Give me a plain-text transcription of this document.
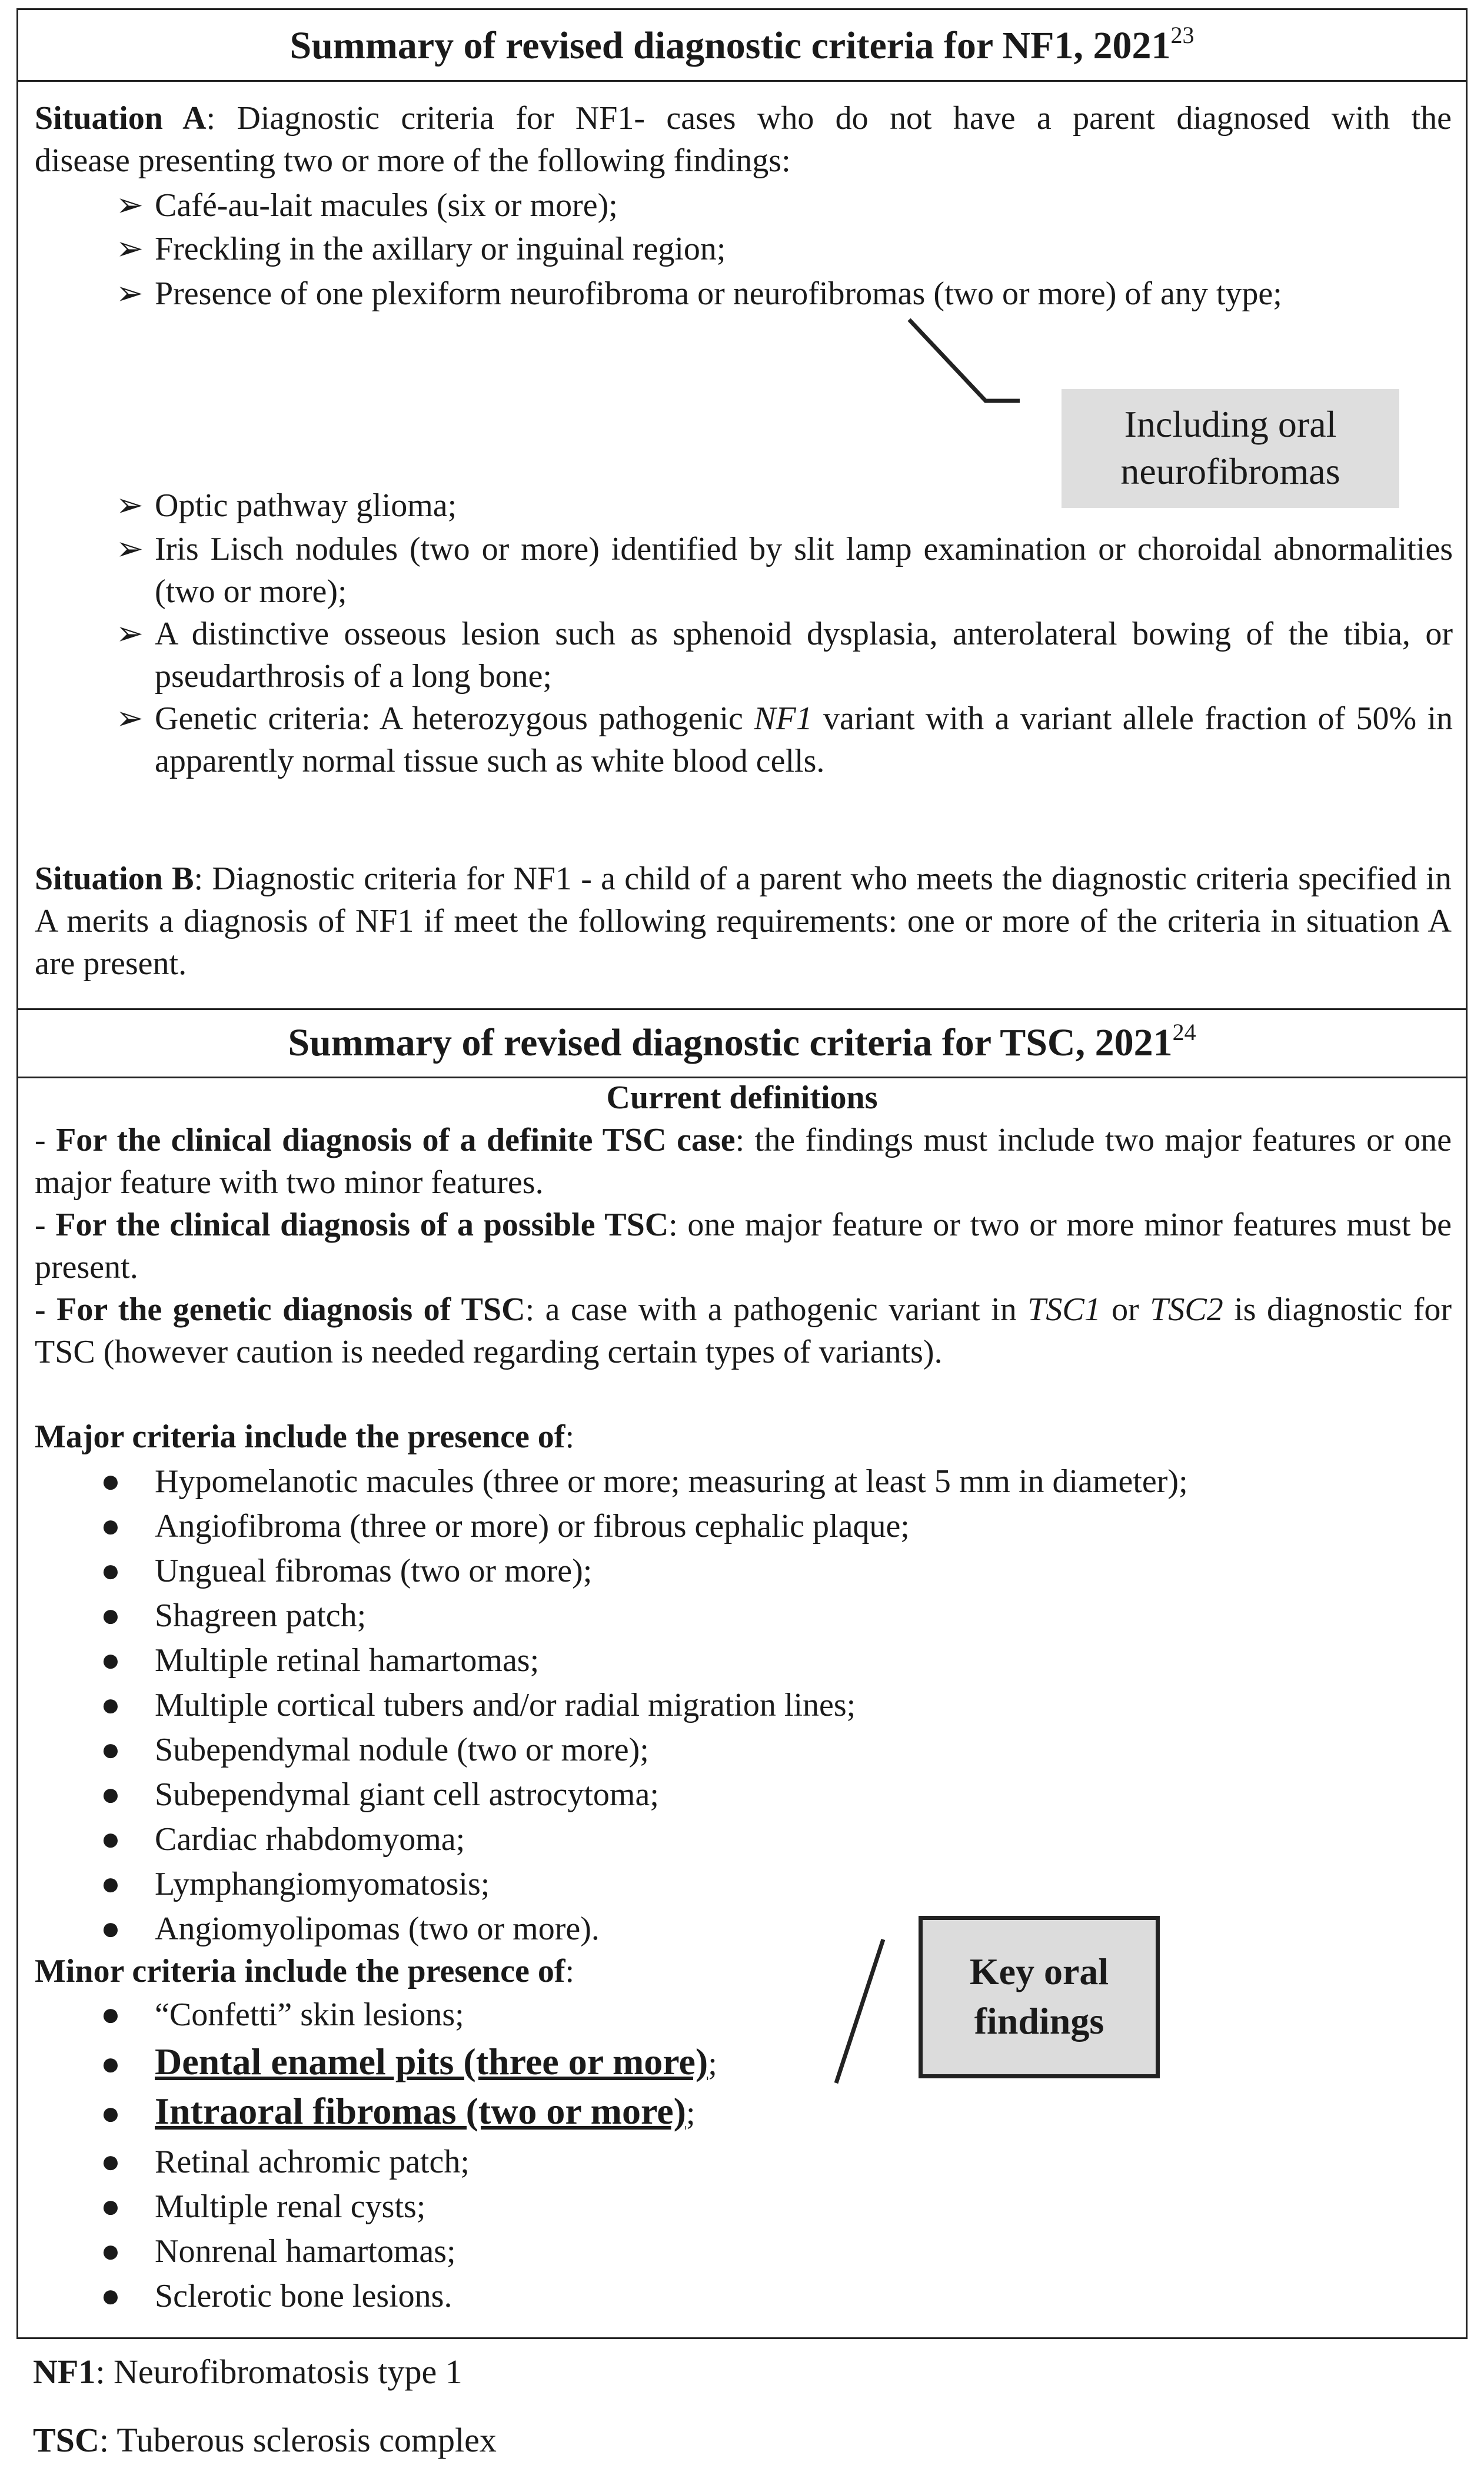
Summary of revised diagnostic criteria for NF1, 2021$^{23}$
Situation A: Diagnostic criteria for NF1- cases who do not have a parent diagnosed with the
disease presenting two or more of the following findings:
➢ Café-au-lait macules (six or more);
➢ Freckling in the axillary or inguinal region;
➢ Presence of one plexiform neurofibroma or neurofibromas (two or more) of any type;
➢ Optic pathway glioma;
➢ Iris Lisch nodules (two or more) identified by slit lamp examination or choroidal abnormalities (two or more);
➢ A distinctive osseous lesion such as sphenoid dysplasia, anterolateral bowing of the tibia, or pseudarthrosis of a long bone;
➢ Genetic criteria: A heterozygous pathogenic NF1 variant with a variant allele fraction of 50% in apparently normal tissue such as white blood cells.
Including oral
neurofibromas
Situation B: Diagnostic criteria for NF1 - a child of a parent who meets the diagnostic criteria specified in A merits a diagnosis of NF1 if meet the following requirements: one or more of the criteria in situation A are present.
Summary of revised diagnostic criteria for TSC, 2021$^{24}$
Current definitions
- For the clinical diagnosis of a definite TSC case: the findings must include two major features or one major feature with two minor features.
- For the clinical diagnosis of a possible TSC: one major feature or two or more minor features must be present.
- For the genetic diagnosis of TSC: a case with a pathogenic variant in TSC1 or TSC2 is diagnostic for TSC (however caution is needed regarding certain types of variants).
Major criteria include the presence of:
● Hypomelanotic macules (three or more; measuring at least 5 mm in diameter);
● Angiofibroma (three or more) or fibrous cephalic plaque;
● Ungueal fibromas (two or more);
● Shagreen patch;
● Multiple retinal hamartomas;
● Multiple cortical tubers and/or radial migration lines;
● Subependymal nodule (two or more);
● Subependymal giant cell astrocytoma;
● Cardiac rhabdomyoma;
● Lymphangiomyomatosis;
● Angiomyolipomas (two or more).
Minor criteria include the presence of:
● “Confetti” skin lesions;
● Dental enamel pits (three or more);
● Intraoral fibromas (two or more);
● Retinal achromic patch;
● Multiple renal cysts;
● Nonrenal hamartomas;
● Sclerotic bone lesions.
Key oral
findings
NF1: Neurofibromatosis type 1
TSC: Tuberous sclerosis complex
